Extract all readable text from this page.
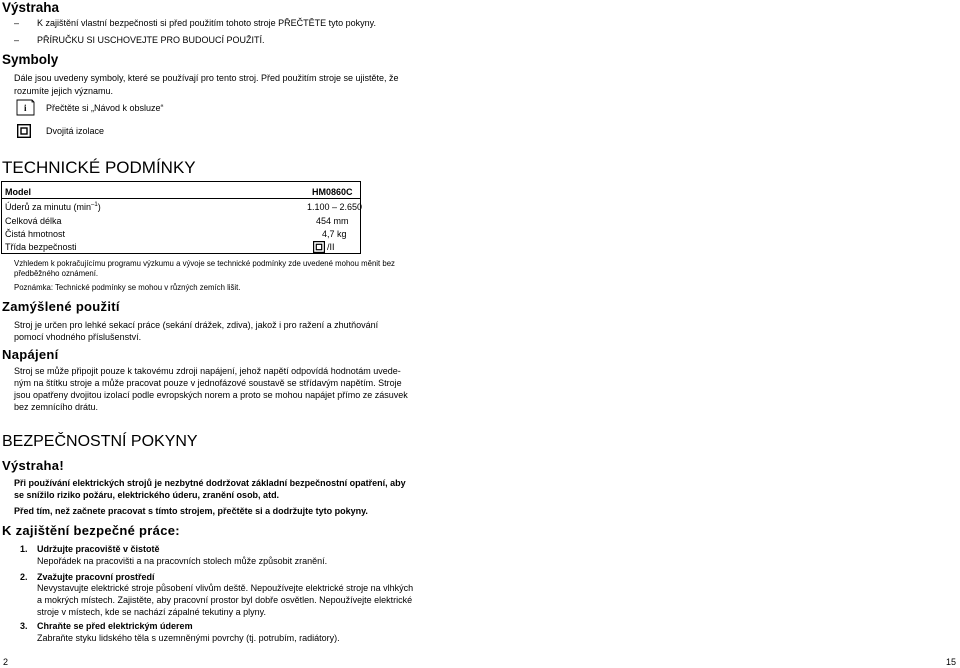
Výstraha
– K zajištění vlastní bezpečnosti si před použitím tohoto stroje PŘEČTĚTE tyto pokyny.
– PŘÍRUČKU SI USCHOVEJTE PRO BUDOUCÍ POUŽITÍ.
Symboly
Dále jsou uvedeny symboly, které se používají pro tento stroj. Před použitím stroje se ujistěte, že
rozumíte jejich významu.
i Přečtěte si „Návod k obsluze“
Dvojitá izolace
TECHNICKÉ PODMÍNKY
Model	HM0860C
Úderů za minutu $(\min^{-1})$	1.100 – 2.650
Celková délka	454 mm
Čistá hmotnost	4,7 kg
Třída bezpečnosti	/II
Vzhledem k pokračujícímu programu výzkumu a vývoje se technické podmínky zde uvedené mohou měnit bez
předběžného oznámení.
Poznámka: Technické podmínky se mohou v různých zemích lišit.
Zamýšlené použití
Stroj je určen pro lehké sekací práce (sekání drážek, zdiva), jakož i pro ražení a zhutňování
pomocí vhodného příslušenství.
Napájení
Stroj se může připojit pouze k takovému zdroji napájení, jehož napětí odpovídá hodnotám uvede-
ným na štítku stroje a může pracovat pouze v jednofázové soustavě se střídavým napětím. Stroje
jsou opatřeny dvojitou izolací podle evropských norem a proto se mohou napájet přímo ze zásuvek
bez zemnícího drátu.
BEZPEČNOSTNÍ POKYNY
Výstraha!
Při používání elektrických strojů je nezbytné dodržovat základní bezpečnostní opatření, aby
se snížilo riziko požáru, elektrického úderu, zranění osob, atd.
Před tím, než začnete pracovat s tímto strojem, přečtěte si a dodržujte tyto pokyny.
K zajištění bezpečné práce:
1. Udržujte pracoviště v čistotě
Nepořádek na pracovišti a na pracovních stolech může způsobit zranění.
2. Zvažujte pracovní prostředí
Nevystavujte elektrické stroje působení vlivům deště. Nepoužívejte elektrické stroje na vlhkých
a mokrých místech. Zajistěte, aby pracovní prostor byl dobře osvětlen. Nepoužívejte elektrické
stroje v místech, kde se nachází zápalné tekutiny a plyny.
3. Chraňte se před elektrickým úderem
Zabraňte styku lidského těla s uzemněnými povrchy (tj. potrubím, radiátory).
2	15
